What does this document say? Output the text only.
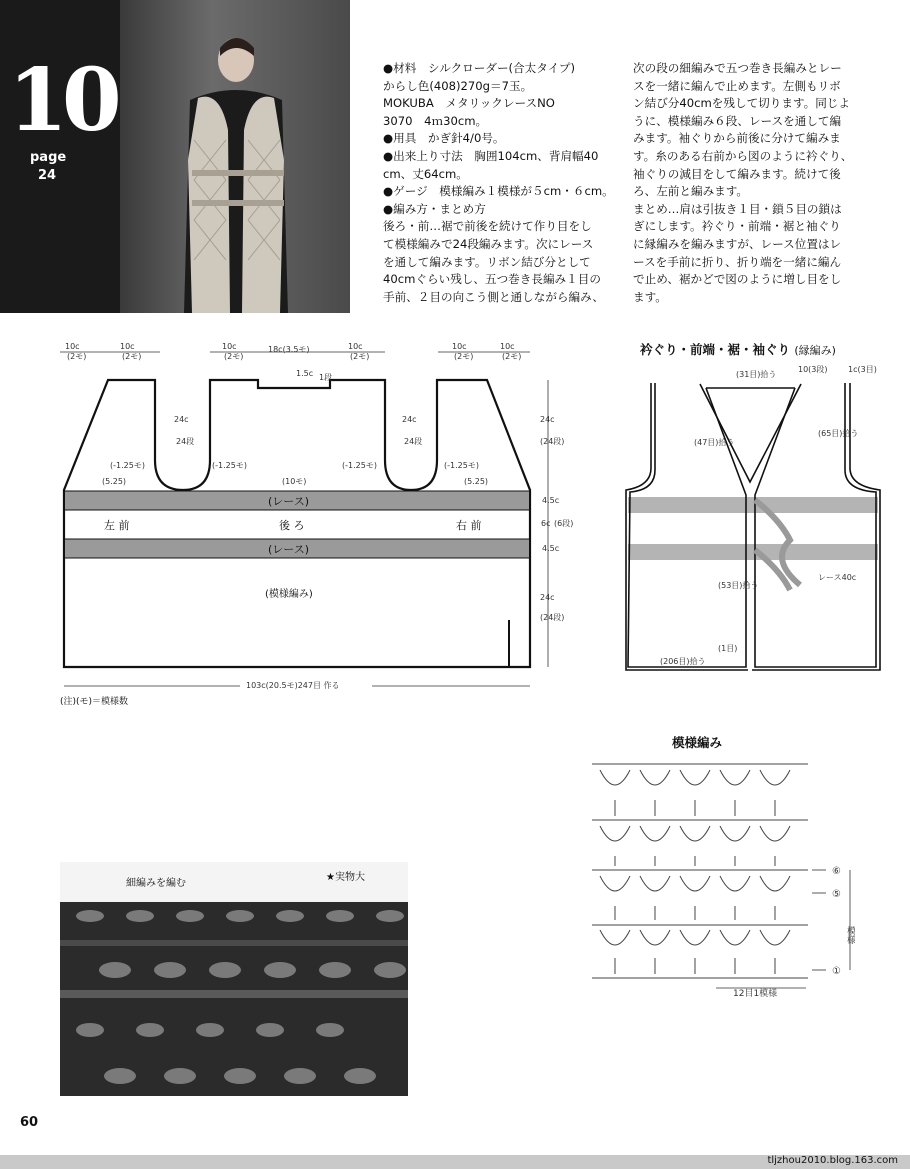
10
page
24
●材料　シルクローダー(合太タイプ)
からし色(408)270g＝7玉。
MOKUBA　メタリックレースNO
3070　4ｍ30cm。
●用具　かぎ針4/0号。
●出来上り寸法　胸囲104cm、背肩幅40
cm、丈64cm。
●ゲージ　模様編み１模様が５cm・６cm。
●編み方・まとめ方
後ろ・前…裾で前後を続けて作り目をし
て模様編みで24段編みます。次にレース
を通して編みます。リボン結び分として
40cmぐらい残し、五つ巻き長編み１目の
手前、２目の向こう側と通しながら編み、
次の段の細編みで五つ巻き長編みとレー
スを一緒に編んで止めます。左側もリボ
ン結び分40cmを残して切ります。同じよ
うに、模様編み６段、レースを通して編
みます。袖ぐりから前後に分けて編みま
す。糸のある右前から図のように衿ぐり、
袖ぐりの減目をして編みます。続けて後
ろ、左前と編みます。
まとめ…肩は引抜き１目・鎖５目の鎖は
ぎにします。衿ぐり・前端・裾と袖ぐり
に縁編みを編みますが、レース位置はレ
ースを手前に折り、折り端を一緒に編ん
で止め、裾かどで図のように増し目をし
ます。
10c
(2モ)
10c
(2モ)
10c
(2モ)
18c(3.5モ)	10c
(2モ)
10c
(2モ)
10c
(2モ)
(レース)
(レース)
左 前	後 ろ	右 前
(模様編み)
1.5c 1段
24c
24段
24c
24段
(-1.25モ)	(-1.25モ)	(-1.25モ)	(-1.25モ)
(5.25)	(10モ)	(5.25)
24c
(24段)
4.5c
6c (6段)
4.5c
24c
(24段)
103c(20.5モ)247目 作る
(注)(モ)＝模様数
衿ぐり・前端・裾・袖ぐり (縁編み)
(31目)拾う
10(3段)	1c(3目)
(47目)拾う
(65目)拾う
(53目)拾う
(1目)
(206目)拾う
レース40c
模様編み
⑥
⑤
①
模様
12目1模様
細編みを編む
★実物大
60
tljzhou2010.blog.163.com
